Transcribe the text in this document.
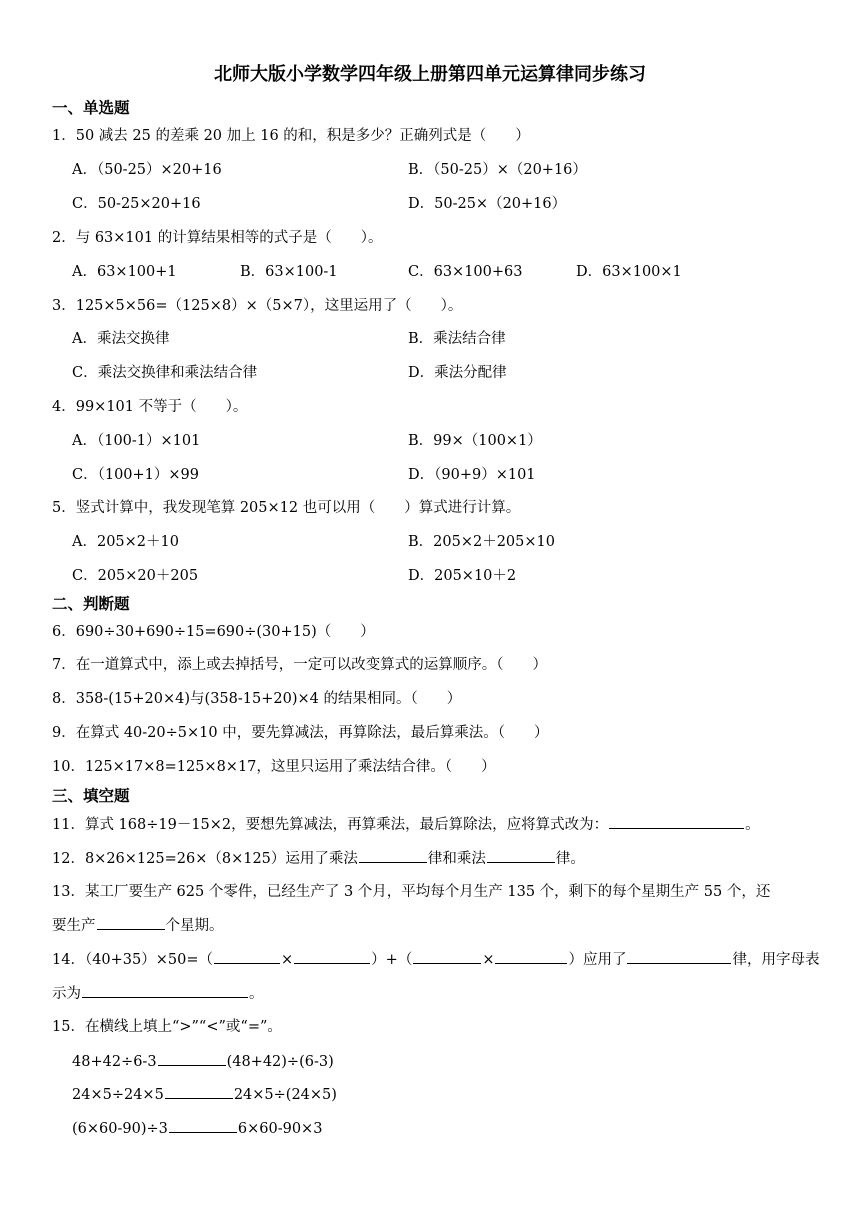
北师大版小学数学四年级上册第四单元运算律同步练习
一、单选题
1．50 减去 25 的差乘 20 加上 16 的和，积是多少？正确列式是（　　）
A．（50-25）×20+16	B．（50-25）×（20+16）
C．50-25×20+16	D．50-25×（20+16）
2．与 63×101 的计算结果相等的式子是（　　）。
A．63×100+1	B．63×100-1	C．63×100+63	D．63×100×1
3．125×5×56=（125×8）×（5×7），这里运用了（　　）。
A．乘法交换律	B．乘法结合律
C．乘法交换律和乘法结合律	D．乘法分配律
4．99×101 不等于（　　）。
A．（100-1）×101	B．99×（100×1）
C．（100+1）×99	D．（90+9）×101
5．竖式计算中，我发现笔算 205×12 也可以用（　　）算式进行计算。
A．205×2＋10	B．205×2＋205×10
C．205×20＋205	D．205×10＋2
二、判断题
6．690÷30+690÷15=690÷(30+15)（　　）
7．在一道算式中，添上或去掉括号，一定可以改变算式的运算顺序。（　　）
8．358-(15+20×4)与(358-15+20)×4 的结果相同。（　　）
9．在算式 40-20÷5×10 中，要先算减法，再算除法，最后算乘法。（　　）
10．125×17×8=125×8×17，这里只运用了乘法结合律。（　　）
三、填空题
11．算式 168÷19－15×2，要想先算减法，再算乘法，最后算除法，应将算式改为：	。
12．8×26×125=26×（8×125）运用了乘法	律和乘法	律。
13．某工厂要生产 625 个零件，已经生产了 3 个月，平均每个月生产 135 个，剩下的每个星期生产 55 个，还
要生产	个星期。
14．（40+35）×50=（	×	）+（	×	）应用了	律，用字母表
示为	。
15．在横线上填上“>”“<”或“=”。
48+42÷6-3	(48+42)÷(6-3)
24×5÷24×5	24×5÷(24×5)
(6×60-90)÷3	6×60-90×3
